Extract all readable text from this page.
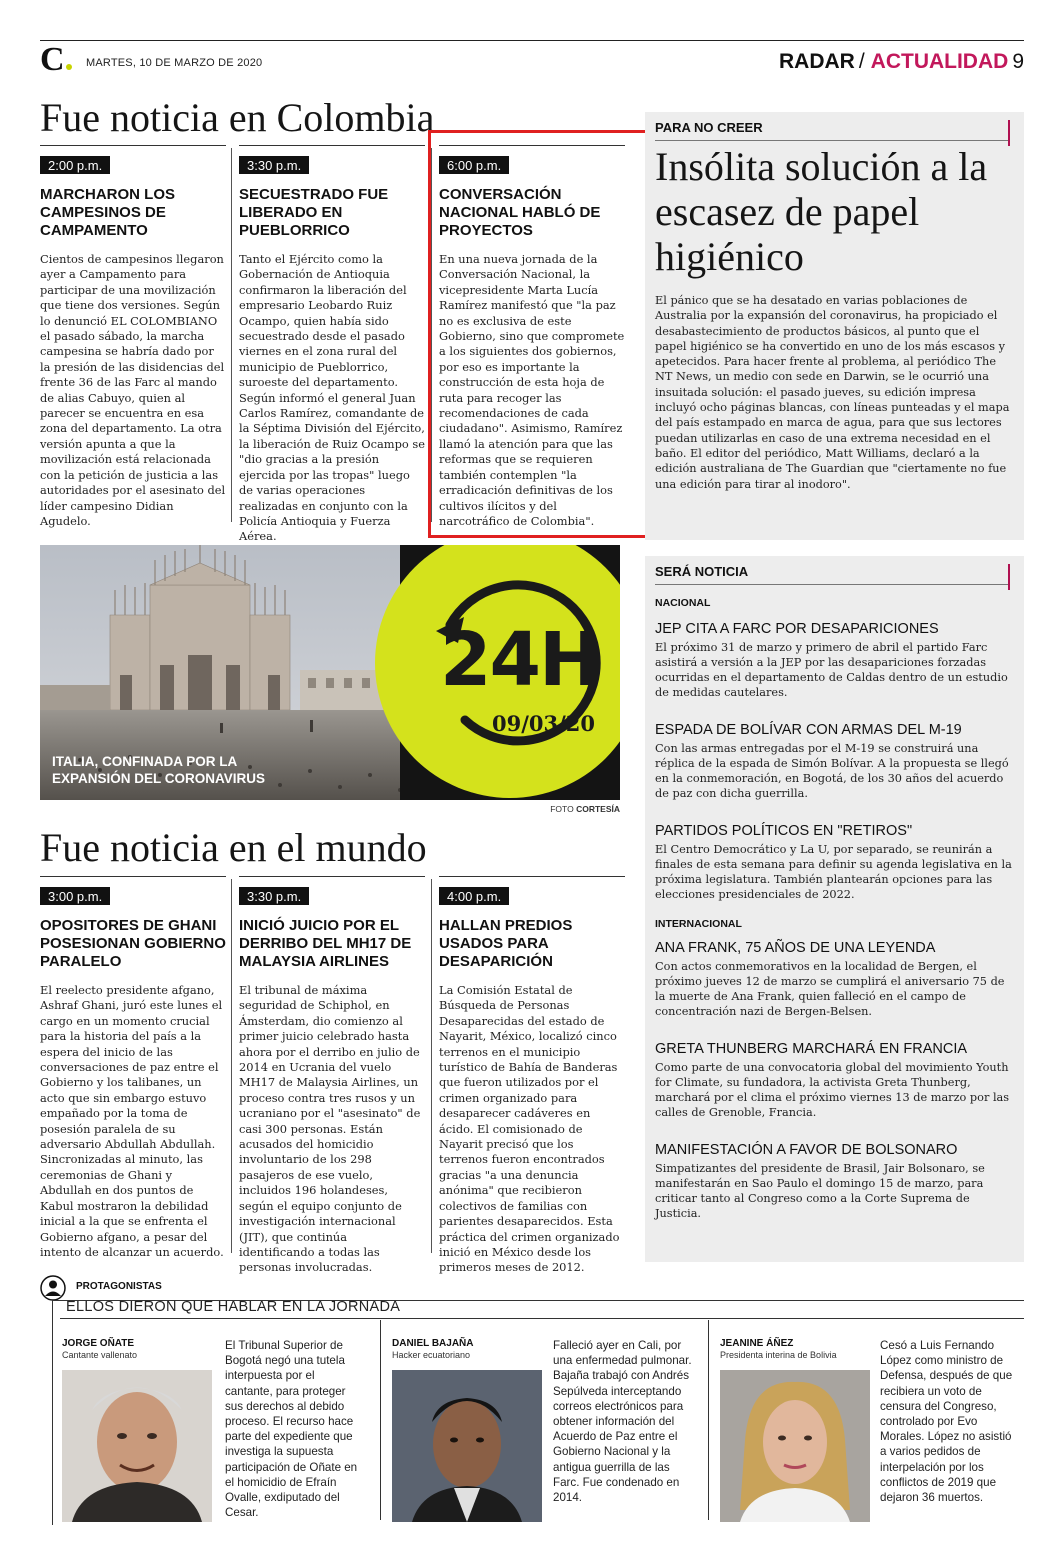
C	MARTES, 10 DE MARZO DE 2020	RADAR / ACTUALIDAD 9
Fue noticia en Colombia
2:00 p.m.
MARCHARON LOS CAMPESINOS DE CAMPAMENTO
Cientos de campesinos llegaron ayer a Campamento para participar de una movilización que tiene dos versiones. Según lo denunció EL COLOMBIANO el pasado sábado, la marcha campesina se habría dado por la presión de las disidencias del frente 36 de las Farc al mando de alias Cabuyo, quien al parecer se encuentra en esa zona del departamento. La otra versión apunta a que la movilización está relacionada con la petición de justicia a las autoridades por el asesinato del líder campesino Didian Agudelo.
3:30 p.m.
SECUESTRADO FUE LIBERADO EN PUEBLORRICO
Tanto el Ejército como la Gobernación de Antioquia confirmaron la liberación del empresario Leobardo Ruiz Ocampo, quien había sido secuestrado desde el pasado viernes en el zona rural del municipio de Pueblorrico, suroeste del departamento. Según informó el general Juan Carlos Ramírez, comandante de la Séptima División del Ejército, la liberación de Ruiz Ocampo se "dio gracias a la presión ejercida por las tropas" luego de varias operaciones realizadas en conjunto con la Policía Antioquia y Fuerza Aérea.
6:00 p.m.
CONVERSACIÓN NACIONAL HABLÓ DE PROYECTOS
En una nueva jornada de la Conversación Nacional, la vicepresidente Marta Lucía Ramírez manifestó que "la paz no es exclusiva de este Gobierno, sino que compromete a los siguientes dos gobiernos, por eso es importante la construcción de esta hoja de ruta para recoger las recomendaciones de cada ciudadano". Asimismo, Ramírez llamó la atención para que las reformas que se requieren también contemplen "la erradicación definitivas de los cultivos ilícitos y del narcotráfico de Colombia".
PARA NO CREER
Insólita solución a la escasez de papel higiénico
El pánico que se ha desatado en varias poblaciones de Australia por la expansión del coronavirus, ha propiciado el desabastecimiento de productos básicos, al punto que el papel higiénico se ha convertido en uno de los más escasos y apetecidos. Para hacer frente al problema, al periódico The NT News, un medio con sede en Darwin, se le ocurrió una insuitada solución: el pasado jueves, su edición impresa incluyó ocho páginas blancas, con líneas punteadas y el mapa del país estampado en marca de agua, para que sus lectores puedan utilizarlas en caso de una extrema necesidad en el baño. El editor del periódico, Matt Williams, declaró a la edición australiana de The Guardian que "ciertamente no fue una edición para tirar al inodoro".
24H
09/03/20
ITALIA, CONFINADA POR LA EXPANSIÓN DEL CORONAVIRUS
FOTO CORTESÍA
Fue noticia en el mundo
3:00 p.m.
OPOSITORES DE GHANI POSESIONAN GOBIERNO PARALELO
El reelecto presidente afgano, Ashraf Ghani, juró este lunes el cargo en un momento crucial para la historia del país a la espera del inicio de las conversaciones de paz entre el Gobierno y los talibanes, un acto que sin embargo estuvo empañado por la toma de posesión paralela de su adversario Abdullah Abdullah. Sincronizadas al minuto, las ceremonias de Ghani y Abdullah en dos puntos de Kabul mostraron la debilidad inicial a la que se enfrenta el Gobierno afgano, a pesar del intento de alcanzar un acuerdo.
3:30 p.m.
INICIÓ JUICIO POR EL DERRIBO DEL MH17 DE MALAYSIA AIRLINES
El tribunal de máxima seguridad de Schiphol, en Ámsterdam, dio comienzo al primer juicio celebrado hasta ahora por el derribo en julio de 2014 en Ucrania del vuelo MH17 de Malaysia Airlines, un proceso contra tres rusos y un ucraniano por el "asesinato" de casi 300 personas. Están acusados del homicidio involuntario de los 298 pasajeros de ese vuelo, incluidos 196 holandeses, según el equipo conjunto de investigación internacional (JIT), que continúa identificando a todas las personas involucradas.
4:00 p.m.
HALLAN PREDIOS USADOS PARA DESAPARICIÓN
La Comisión Estatal de Búsqueda de Personas Desaparecidas del estado de Nayarit, México, localizó cinco terrenos en el municipio turístico de Bahía de Banderas que fueron utilizados por el crimen organizado para desaparecer cadáveres en ácido. El comisionado de Nayarit precisó que los terrenos fueron encontrados gracias "a una denuncia anónima" que recibieron colectivos de familias con parientes desaparecidos. Esta práctica del crimen organizado inició en México desde los primeros meses de 2012.
SERÁ NOTICIA
NACIONAL
JEP CITA A FARC POR DESAPARICIONES
El próximo 31 de marzo y primero de abril el partido Farc asistirá a versión a la JEP por las desapariciones forzadas ocurridas en el departamento de Caldas dentro de un estudio de medidas cautelares.
ESPADA DE BOLÍVAR CON ARMAS DEL M-19
Con las armas entregadas por el M-19 se construirá una réplica de la espada de Simón Bolívar. A la propuesta se llegó en la conmemoración, en Bogotá, de los 30 años del acuerdo de paz con dicha guerrilla.
PARTIDOS POLÍTICOS EN "RETIROS"
El Centro Democrático y La U, por separado, se reunirán a finales de esta semana para definir su agenda legislativa en la próxima legislatura. También plantearán opciones para las elecciones presidenciales de 2022.
INTERNACIONAL
ANA FRANK, 75 AÑOS DE UNA LEYENDA
Con actos conmemorativos en la localidad de Bergen, el próximo jueves 12 de marzo se cumplirá el aniversario 75 de la muerte de Ana Frank, quien falleció en el campo de concentración nazi de Bergen-Belsen.
GRETA THUNBERG MARCHARÁ EN FRANCIA
Como parte de una convocatoria global del movimiento Youth for Climate, su fundadora, la activista Greta Thunberg, marchará por el clima el próximo viernes 13 de marzo por las calles de Grenoble, Francia.
MANIFESTACIÓN A FAVOR DE BOLSONARO
Simpatizantes del presidente de Brasil, Jair Bolsonaro, se manifestarán en Sao Paulo el domingo 15 de marzo, para criticar tanto al Congreso como a la Corte Suprema de Justicia.
PROTAGONISTAS
ELLOS DIERON QUE HABLAR EN LA JORNADA
JORGE OÑATE
Cantante vallenato
El Tribunal Superior de Bogotá negó una tutela interpuesta por el cantante, para proteger sus derechos al debido proceso. El recurso hace parte del expediente que investiga la supuesta participación de Oñate en el homicidio de Efraín Ovalle, exdiputado del Cesar.
DANIEL BAJAÑA
Hacker ecuatoriano
Falleció ayer en Cali, por una enfermedad pulmonar. Bajaña trabajó con Andrés Sepúlveda interceptando correos electrónicos para obtener información del Acuerdo de Paz entre el Gobierno Nacional y la antigua guerrilla de las Farc. Fue condenado en 2014.
JEANINE ÁÑEZ
Presidenta interina de Bolivia
Cesó a Luis Fernando López como ministro de Defensa, después de que recibiera un voto de censura del Congreso, controlado por Evo Morales. López no asistió a varios pedidos de interpelación por los conflictos de 2019 que dejaron 36 muertos.
